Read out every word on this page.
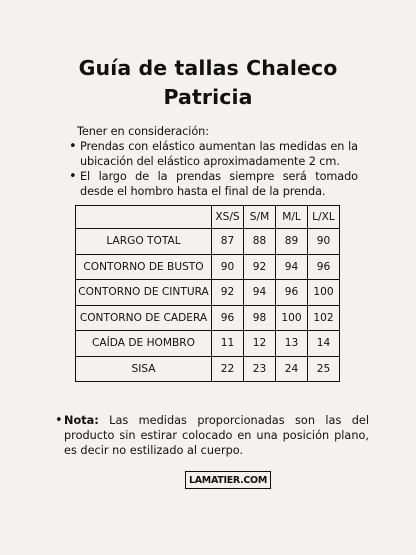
Guía de tallas Chaleco
Patricia

Tener en consideración:

• Prendas con elástico aumentan las medidas en la ubicación del elástico aproximadamente 2 cm.

• El largo de la prendas siempre será tomado desde el hombro hasta el final de la prenda.

	XS/S	S/M	M/L	L/XL
LARGO TOTAL	87	88	89	90
CONTORNO DE BUSTO	90	92	94	96
CONTORNO DE CINTURA	92	94	96	100
CONTORNO DE CADERA	96	98	100	102
CAÍDA DE HOMBRO	11	12	13	14
SISA	22	23	24	25

• Nota: Las medidas proporcionadas son las del producto sin estirar colocado en una posición plano, es decir no estilizado al cuerpo.

LAMATIER.COM
